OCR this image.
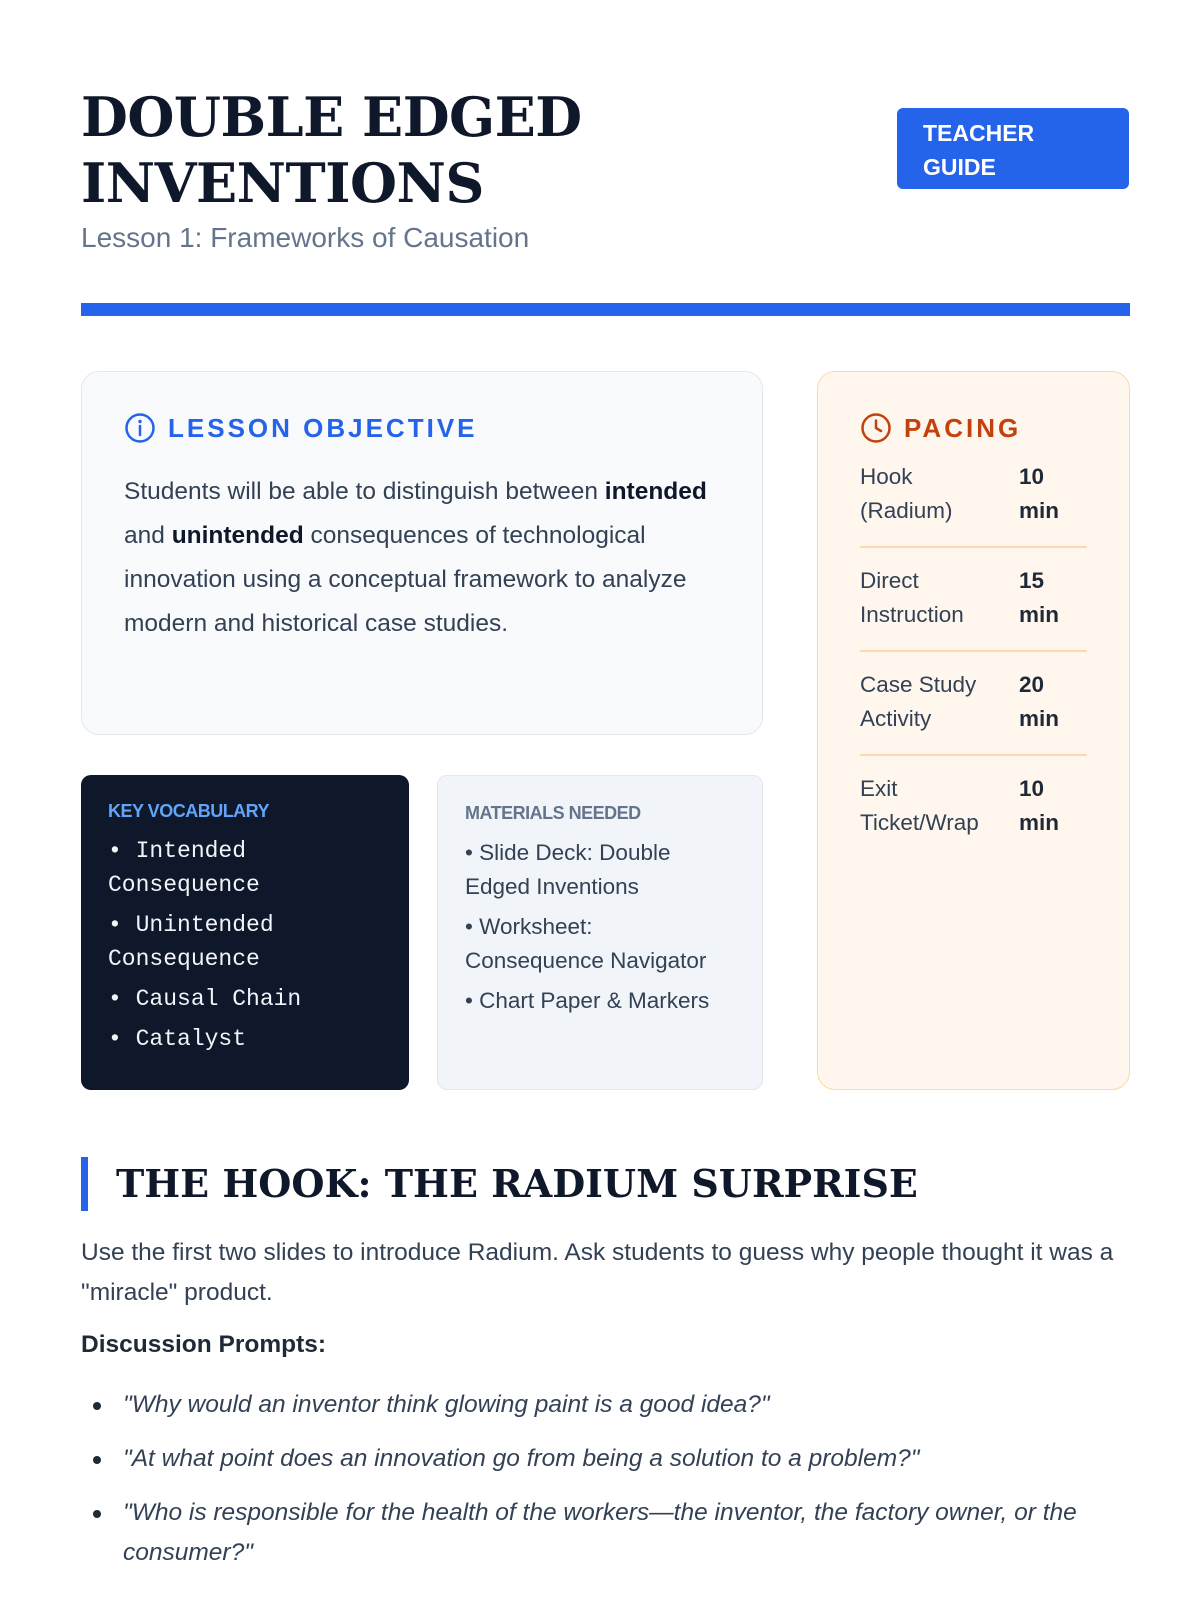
DOUBLE EDGED
INVENTIONS
Lesson 1: Frameworks of Causation
TEACHER
GUIDE
LESSON OBJECTIVE

Students will be able to distinguish between intended and unintended consequences of technological innovation using a conceptual framework to analyze modern and historical case studies.

KEY VOCABULARY
• Intended Consequence
• Unintended Consequence
• Causal Chain
• Catalyst
MATERIALS NEEDED
• Slide Deck: Double Edged Inventions
• Worksheet: Consequence Navigator
• Chart Paper & Markers
PACING
Hook (Radium)
10 min
Direct Instruction
15 min
Case Study Activity
20 min
Exit Ticket/Wrap
10 min
THE HOOK: THE RADIUM SURPRISE

Use the first two slides to introduce Radium. Ask students to guess why people thought it was a "miracle" product.

Discussion Prompts:
"Why would an inventor think glowing paint is a good idea?"
"At what point does an innovation go from being a solution to a problem?"
"Who is responsible for the health of the workers—the inventor, the factory owner, or the consumer?"
